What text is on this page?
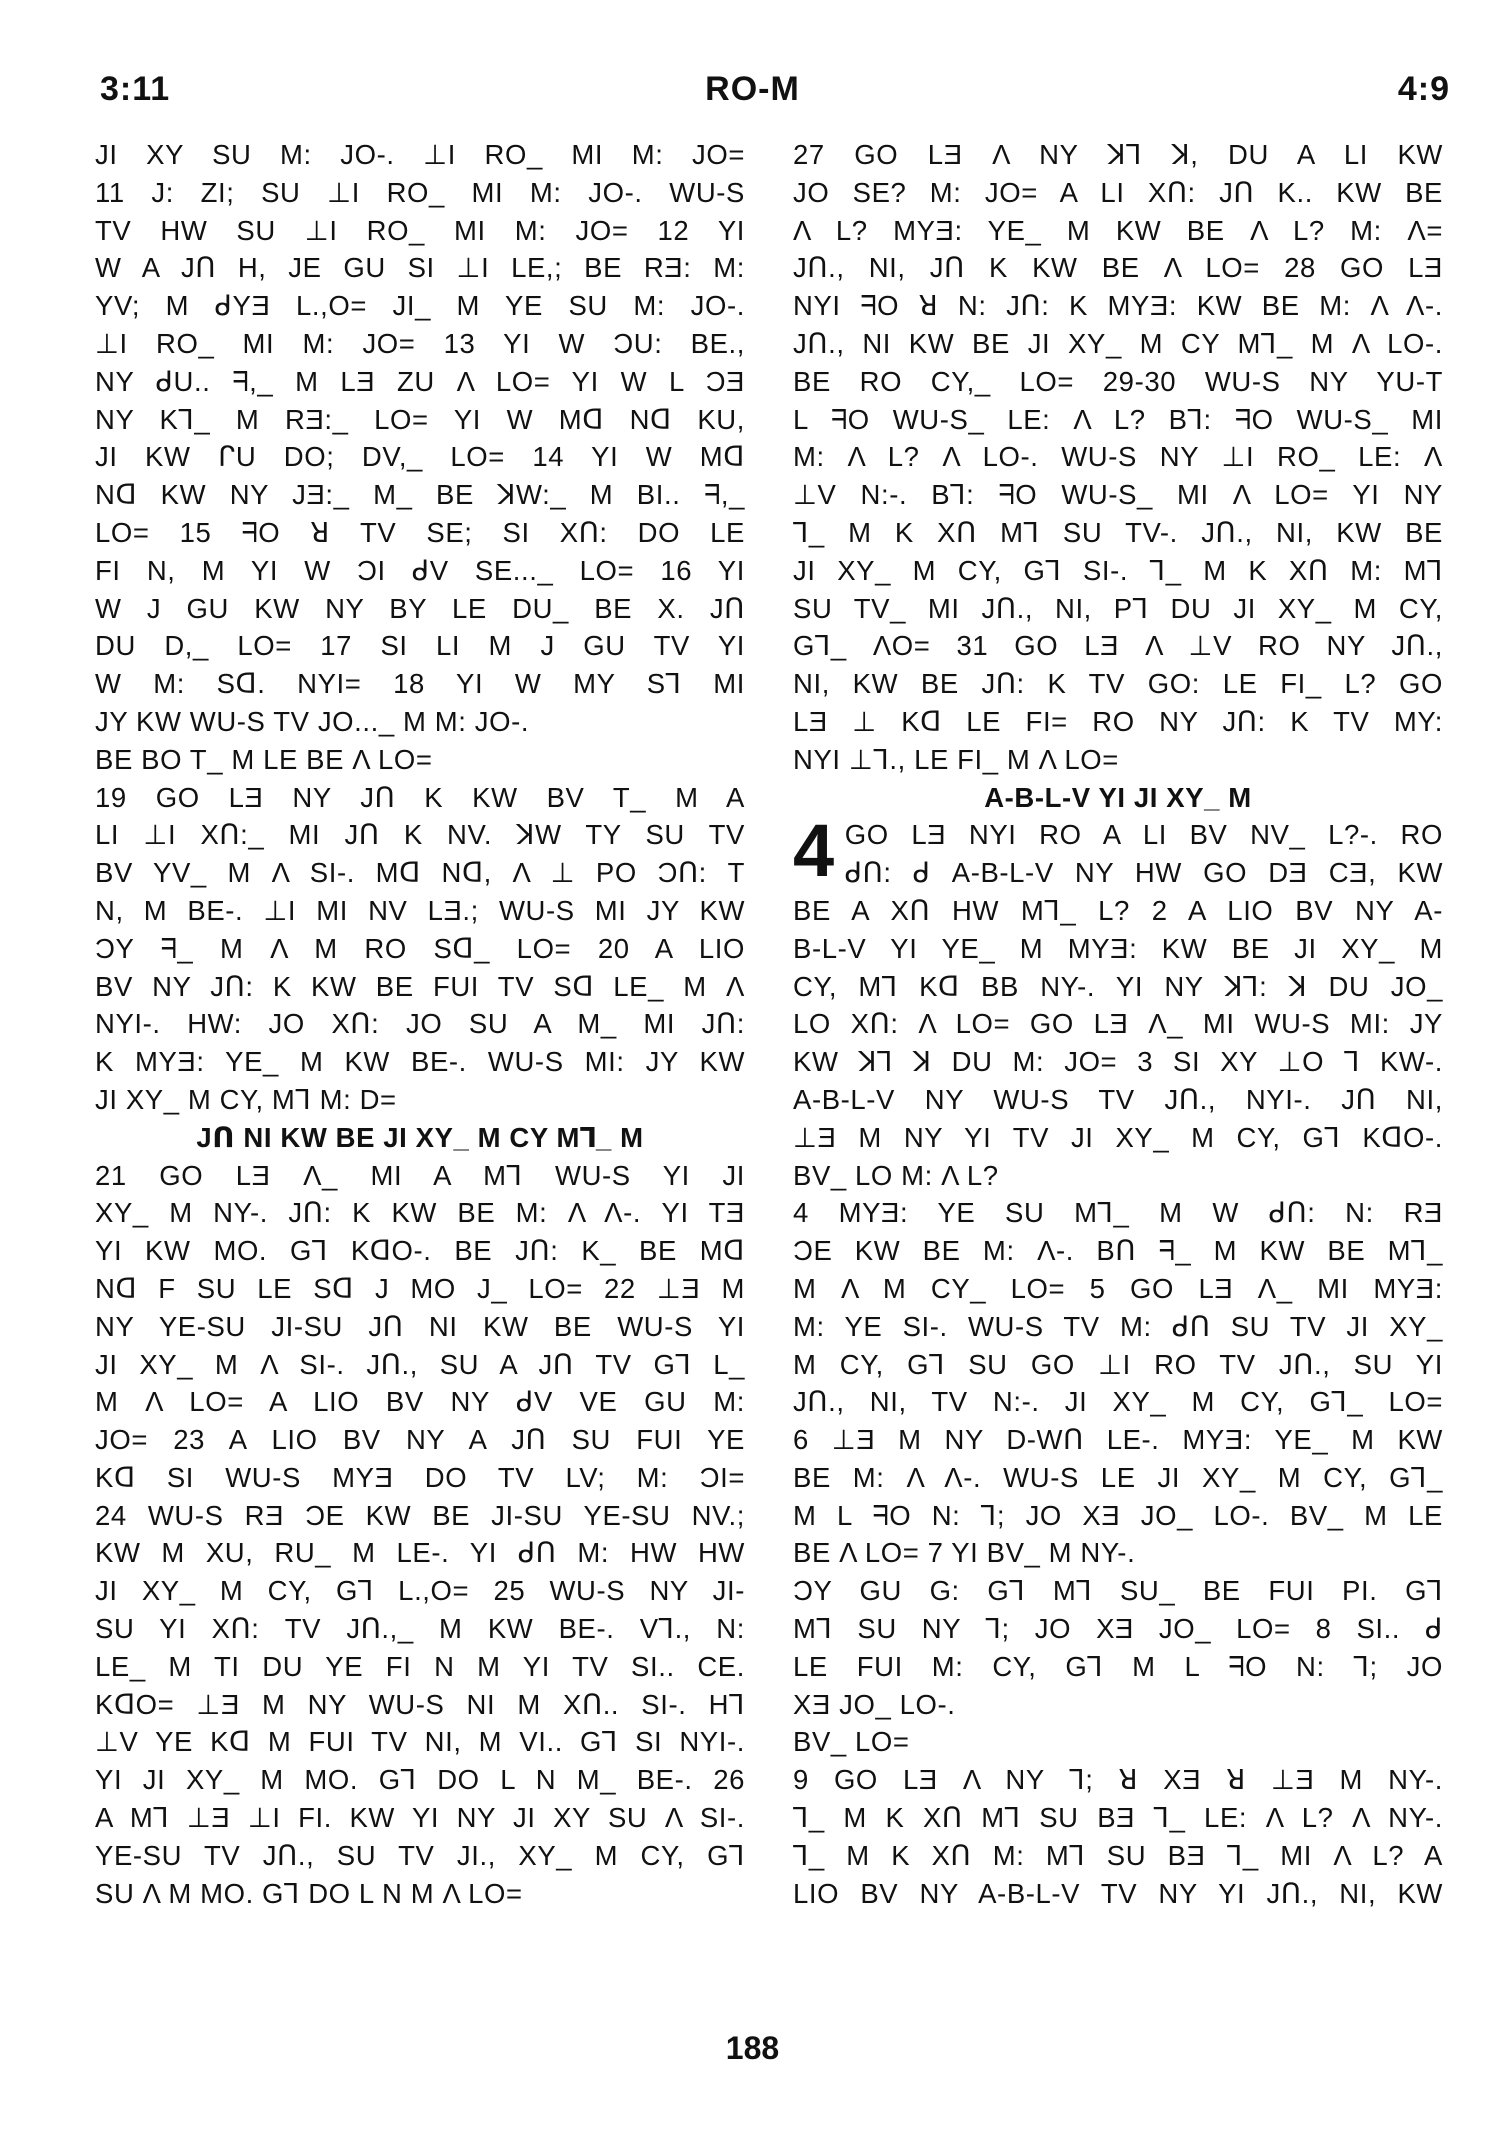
3:11	RO-M	4:9
JI XY SU M: JO-. ⊥I RO_ MI M: JO=
11 J: ZI; SU ⊥I RO_ MI M: JO-. WU-S
TV HW SU ⊥I RO_ MI M: JO= 12 YI
W A Jᑎ H, JE GU SI ⊥I LE,; BE RƎ: M:
YV; M ᑯYƎ L.,O= JI_ M YE SU M: JO-.
⊥I RO_ MI M: JO= 13 YI W ƆU: BE.,
NY ᑯU.. ᖷ,_ M LƎ ZU Λ LO= YI W L ƆƎ
NY K⅂_ M RƎ:_ LO= YI W Mᗡ Nᗡ KU,
JI KW ᒋU DO; DV,_ LO= 14 YI W Mᗡ
Nᗡ KW NY JƎ:_ M_ BE ꓘW:_ M BI.. ᖷ,_
LO= 15 ᖷO ꓤ TV SE; SI Xᑎ: DO LE
FI N, M YI W ƆI ᑯV SE..._ LO= 16 YI
W J GU KW NY BY LE DU_ BE X. Jᑎ
DU D,_ LO= 17 SI LI M J GU TV YI
W M: Sᗡ. NYI= 18 YI W MY S⅂ MI
JY KW WU-S TV JO..._ M M: JO-.
BE BO T_ M LE BE Λ LO=
19 GO LƎ NY Jᑎ K KW BV T_ M A
LI ⊥I Xᑎ:_ MI Jᑎ K NV. ꓘW TY SU TV
BV YV_ M Λ SI-. Mᗡ Nᗡ, Λ ⊥ PO Ɔᑎ: T
N, M BE-. ⊥I MI NV LƎ.; WU-S MI JY KW
ƆY ᖷ_ M Λ M RO Sᗡ_ LO= 20 A LIO
BV NY Jᑎ: K KW BE FUI TV Sᗡ LE_ M Λ
NYI-. HW: JO Xᑎ: JO SU A M_ MI Jᑎ:
K MYƎ: YE_ M KW BE-. WU-S MI: JY KW
JI XY_ M CY, M⅂ M: D=
Jᑎ NI KW BE JI XY_ M CY M⅂_ M
21 GO LƎ Λ_ MI A M⅂ WU-S YI JI
XY_ M NY-. Jᑎ: K KW BE M: Λ Λ-. YI TƎ
YI KW MO. G⅂ KᗡO-. BE Jᑎ: K_ BE Mᗡ
Nᗡ F SU LE Sᗡ J MO J_ LO= 22 ⊥Ǝ M
NY YE-SU JI-SU Jᑎ NI KW BE WU-S YI
JI XY_ M Λ SI-. Jᑎ., SU A Jᑎ TV G⅂ L_
M Λ LO= A LIO BV NY ᑯV VE GU M:
JO= 23 A LIO BV NY A Jᑎ SU FUI YE
Kᗡ SI WU-S MYƎ DO TV LV; M: ƆI=
24 WU-S RƎ ƆE KW BE JI-SU YE-SU NV.;
KW M XU, RU_ M LE-. YI ᑯᑎ M: HW HW
JI XY_ M CY, G⅂ L.,O= 25 WU-S NY JI-
SU YI Xᑎ: TV Jᑎ.,_ M KW BE-. V⅂., N:
LE_ M TI DU YE FI N M YI TV SI.. CE.
KᗡO= ⊥Ǝ M NY WU-S NI M Xᑎ.. SI-. H⅂
⊥V YE Kᗡ M FUI TV NI, M VI.. G⅂ SI NYI-.
YI JI XY_ M MO. G⅂ DO L N M_ BE-. 26
A M⅂ ⊥Ǝ ⊥I FI. KW YI NY JI XY SU Λ SI-.
YE-SU TV Jᑎ., SU TV JI., XY_ M CY, G⅂
SU Λ M MO. G⅂ DO L N M Λ LO=
27 GO LƎ Λ NY ꓘ⅂ ꓘ, DU A LI KW
JO SE? M: JO= A LI Xᑎ: Jᑎ K.. KW BE
Λ L? MYƎ: YE_ M KW BE Λ L? M: Λ=
Jᑎ., NI, Jᑎ K KW BE Λ LO= 28 GO LƎ
NYI ᖷO ꓤ N: Jᑎ: K MYƎ: KW BE M: Λ Λ-.
Jᑎ., NI KW BE JI XY_ M CY M⅂_ M Λ LO-.
BE RO CY,_ LO= 29-30 WU-S NY YU-T
L ᖷO WU-S_ LE: Λ L? B⅂: ᖷO WU-S_ MI
M: Λ L? Λ LO-. WU-S NY ⊥I RO_ LE: Λ
⊥V N:-. B⅂: ᖷO WU-S_ MI Λ LO= YI NY
⅂_ M K Xᑎ M⅂ SU TV-. Jᑎ., NI, KW BE
JI XY_ M CY, G⅂ SI-. ⅂_ M K Xᑎ M: M⅂
SU TV_ MI Jᑎ., NI, P⅂ DU JI XY_ M CY,
G⅂_ ΛO= 31 GO LƎ Λ ⊥V RO NY Jᑎ.,
NI, KW BE Jᑎ: K TV GO: LE FI_ L? GO
LƎ ⊥ Kᗡ LE FI= RO NY Jᑎ: K TV MY:
NYI ⊥⅂., LE FI_ M Λ LO=
A-B-L-V YI JI XY_ M
4 GO LƎ NYI RO A LI BV NV_ L?-. RO
ᑯᑎ: ᑯ A-B-L-V NY HW GO DƎ CƎ, KW
BE A Xᑎ HW M⅂_ L? 2 A LIO BV NY A-
B-L-V YI YE_ M MYƎ: KW BE JI XY_ M
CY, M⅂ Kᗡ BB NY-. YI NY ꓘ⅂: ꓘ DU JO_
LO Xᑎ: Λ LO= GO LƎ Λ_ MI WU-S MI: JY
KW ꓘ⅂ ꓘ DU M: JO= 3 SI XY ⊥O ⅂ KW-.
A-B-L-V NY WU-S TV Jᑎ., NYI-. Jᑎ NI,
⊥Ǝ M NY YI TV JI XY_ M CY, G⅂ KᗡO-.
BV_ LO M: Λ L?
4 MYƎ: YE SU M⅂_ M W ᑯᑎ: N: RƎ
ƆE KW BE M: Λ-. Bᑎ ᖷ_ M KW BE M⅂_
M Λ M CY_ LO= 5 GO LƎ Λ_ MI MYƎ:
M: YE SI-. WU-S TV M: ᑯᑎ SU TV JI XY_
M CY, G⅂ SU GO ⊥I RO TV Jᑎ., SU YI
Jᑎ., NI, TV N:-. JI XY_ M CY, G⅂_ LO=
6 ⊥Ǝ M NY D-Wᑎ LE-. MYƎ: YE_ M KW
BE M: Λ Λ-. WU-S LE JI XY_ M CY, G⅂_
M L ᖷO N: ⅂; JO XƎ JO_ LO-. BV_ M LE
BE Λ LO= 7 YI BV_ M NY-.
ƆY GU G: G⅂ M⅂ SU_ BE FUI PI. G⅂
M⅂ SU NY ⅂; JO XƎ JO_ LO= 8 SI.. ᑯ
LE FUI M: CY, G⅂ M L ᖷO N: ⅂; JO
XƎ JO_ LO-.
BV_ LO=
9 GO LƎ Λ NY ⅂; ꓤ XƎ ꓤ ⊥Ǝ M NY-.
⅂_ M K Xᑎ M⅂ SU BƎ ⅂_ LE: Λ L? Λ NY-.
⅂_ M K Xᑎ M: M⅂ SU BƎ ⅂_ MI Λ L? A
LIO BV NY A-B-L-V TV NY YI Jᑎ., NI, KW
188
